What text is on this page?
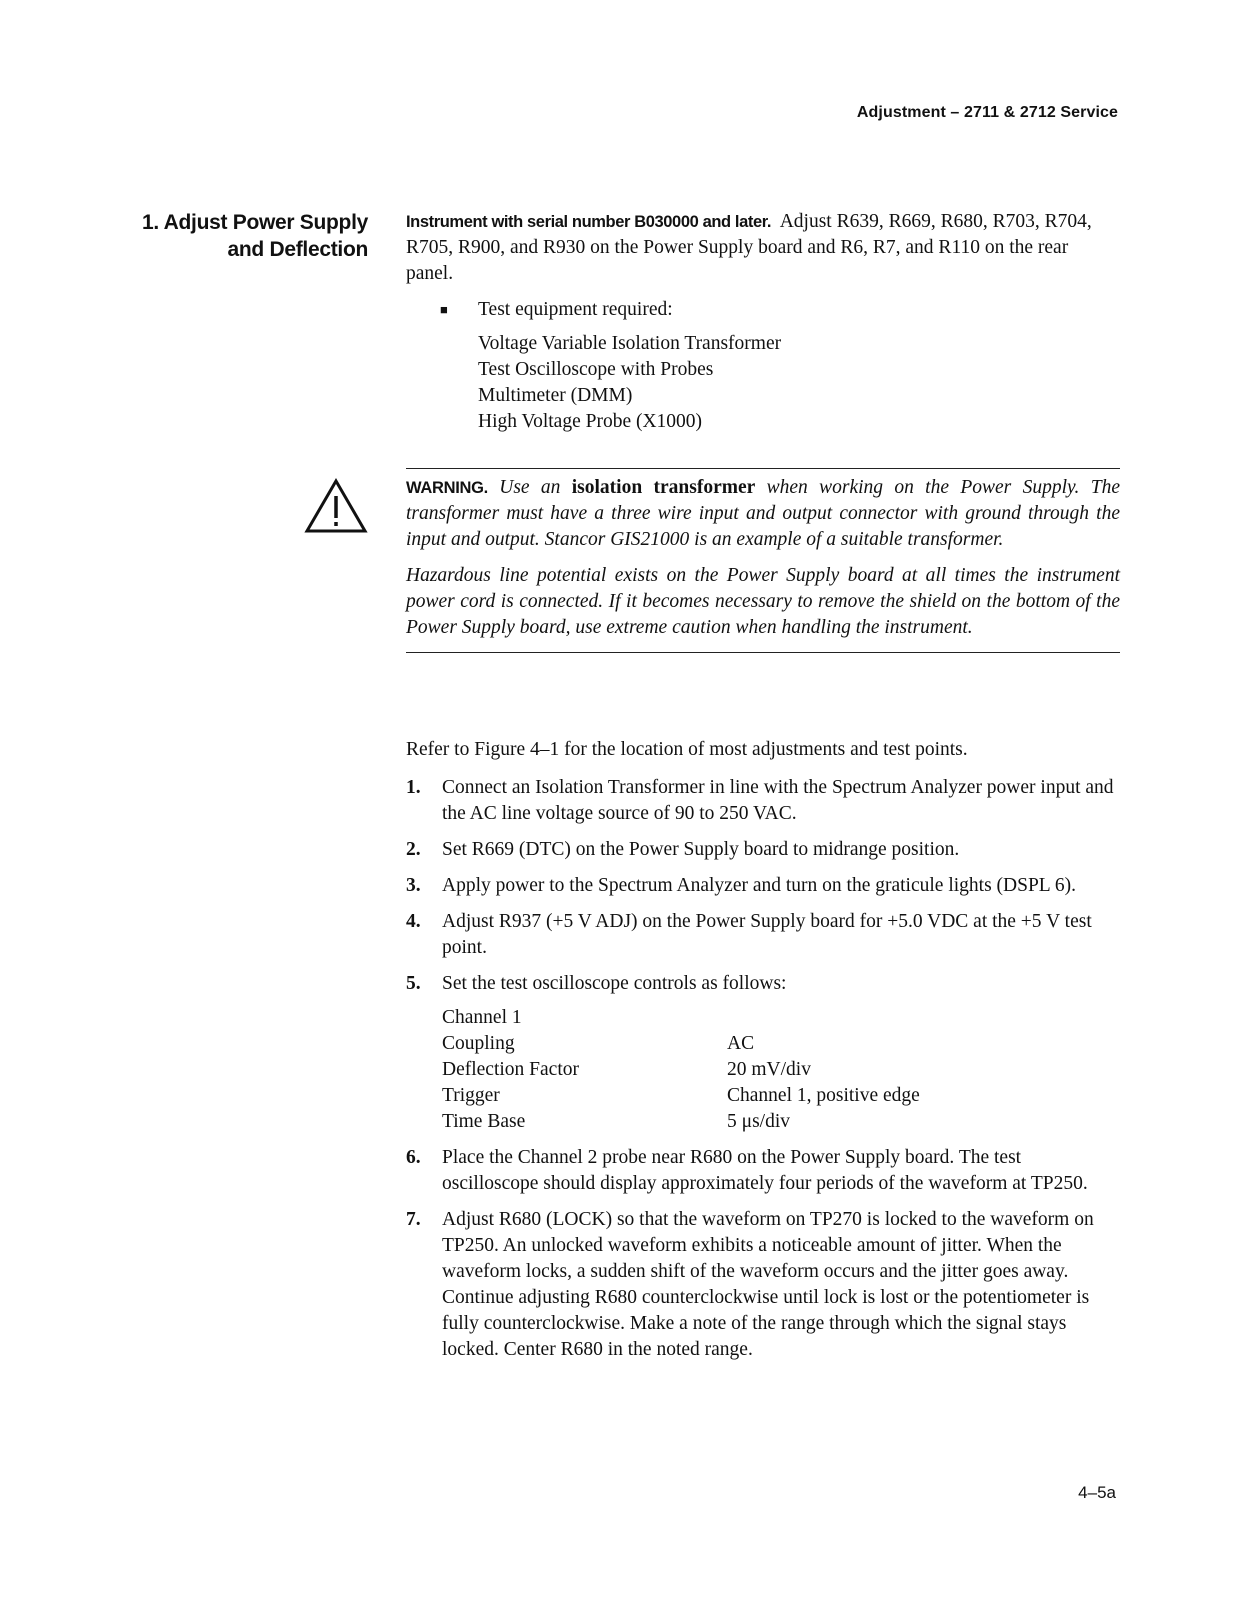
Adjustment – 2711 & 2712 Service
1. Adjust Power Supply
and Deflection

Instrument with serial number B030000 and later. Adjust R639, R669, R680, R703, R704, R705, R900, and R930 on the Power Supply board and R6, R7, and R110 on the rear panel.

■	Test equipment required:
Voltage Variable Isolation Transformer
Test Oscilloscope with Probes
Multimeter (DMM)
High Voltage Probe (X1000)

WARNING. Use an isolation transformer when working on the Power Supply. The transformer must have a three wire input and output connector with ground through the input and output. Stancor GIS21000 is an example of a suitable transformer.

Hazardous line potential exists on the Power Supply board at all times the instrument power cord is connected. If it becomes necessary to remove the shield on the bottom of the Power Supply board, use extreme caution when handling the instrument.

Refer to Figure 4–1 for the location of most adjustments and test points.

1.	Connect an Isolation Transformer in line with the Spectrum Analyzer power input and the AC line voltage source of 90 to 250 VAC.
2.	Set R669 (DTC) on the Power Supply board to midrange position.
3.	Apply power to the Spectrum Analyzer and turn on the graticule lights (DSPL 6).
4.	Adjust R937 (+5 V ADJ) on the Power Supply board for +5.0 VDC at the +5 V test point.
5.	Set the test oscilloscope controls as follows:
Channel 1
Coupling	AC
Deflection Factor	20 mV/div
Trigger	Channel 1, positive edge
Time Base	5 μs/div
6.	Place the Channel 2 probe near R680 on the Power Supply board. The test oscilloscope should display approximately four periods of the waveform at TP250.
7.	Adjust R680 (LOCK) so that the waveform on TP270 is locked to the waveform on TP250. An unlocked waveform exhibits a noticeable amount of jitter. When the waveform locks, a sudden shift of the waveform occurs and the jitter goes away. Continue adjusting R680 counterclockwise until lock is lost or the potentiometer is fully counterclockwise. Make a note of the range through which the signal stays locked. Center R680 in the noted range.
4–5a
